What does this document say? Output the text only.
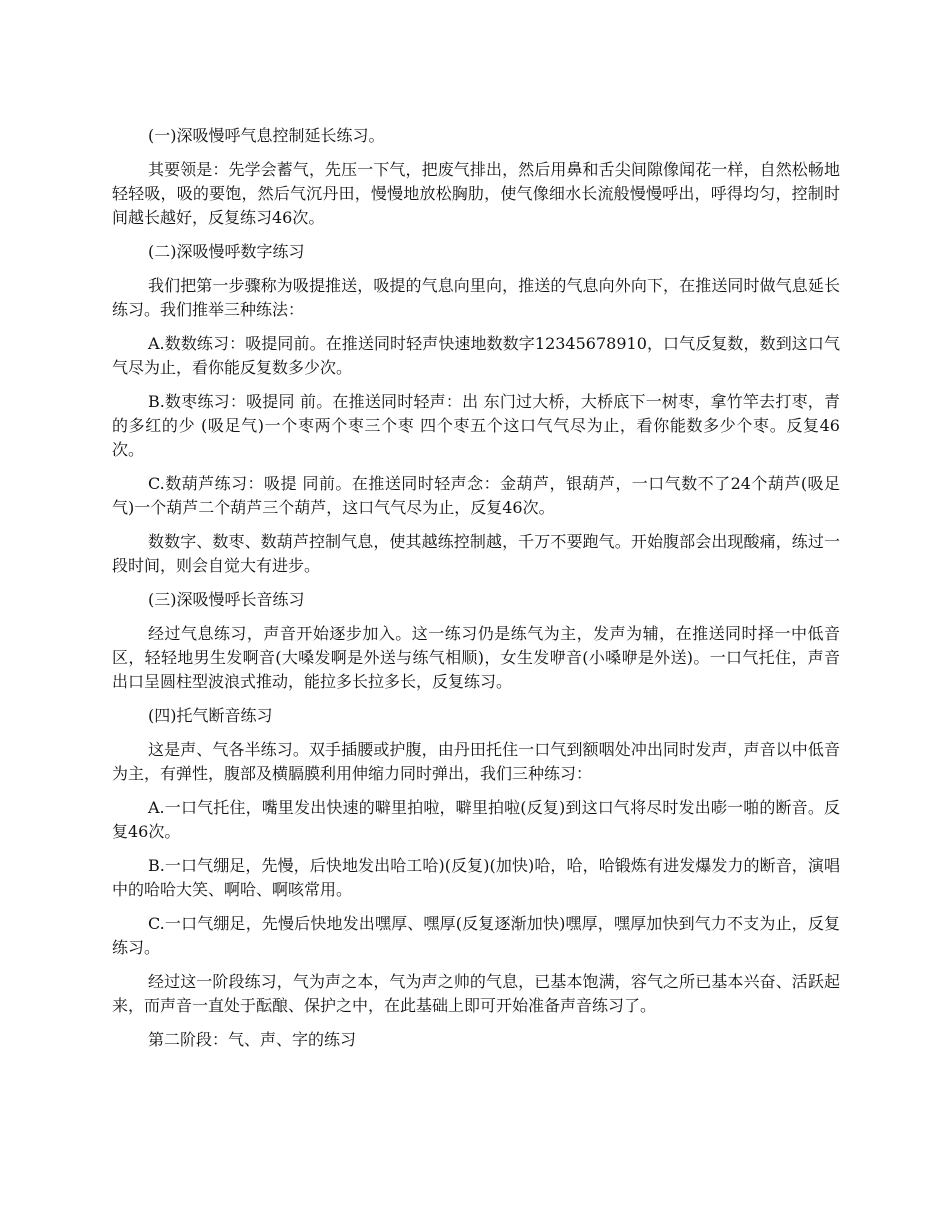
(一)深吸慢呼气息控制延长练习。

其要领是：先学会蓄气，先压一下气，把废气排出，然后用鼻和舌尖间隙像闻花一样，自然松畅地轻轻吸，吸的要饱，然后气沉丹田，慢慢地放松胸肋，使气像细水长流般慢慢呼出，呼得均匀，控制时间越长越好，反复练习46次。

(二)深吸慢呼数字练习

我们把第一步骤称为吸提推送，吸提的气息向里向，推送的气息向外向下，在推送同时做气息延长练习。我们推举三种练法：

A.数数练习：吸提同前。在推送同时轻声快速地数数字12345678910，口气反复数，数到这口气气尽为止，看你能反复数多少次。

B.数枣练习：吸提同 前。在推送同时轻声：出 东门过大桥，大桥底下一树枣，拿竹竿去打枣，青的多红的少 (吸足气)一个枣两个枣三个枣 四个枣五个这口气气尽为止，看你能数多少个枣。反复46次。

C.数葫芦练习：吸提 同前。在推送同时轻声念：金葫芦，银葫芦，一口气数不了24个葫芦(吸足气)一个葫芦二个葫芦三个葫芦，这口气气尽为止，反复46次。

数数字、数枣、数葫芦控制气息，使其越练控制越，千万不要跑气。开始腹部会出现酸痛，练过一段时间，则会自觉大有进步。

(三)深吸慢呼长音练习

经过气息练习，声音开始逐步加入。这一练习仍是练气为主，发声为辅，在推送同时择一中低音区，轻轻地男生发啊音(大嗓发啊是外送与练气相顺)，女生发咿音(小嗓咿是外送)。一口气托住，声音出口呈圆柱型波浪式推动，能拉多长拉多长，反复练习。

(四)托气断音练习

这是声、气各半练习。双手插腰或护腹，由丹田托住一口气到额咽处冲出同时发声，声音以中低音为主，有弹性，腹部及横膈膜利用伸缩力同时弹出，我们三种练习：

A.一口气托住，嘴里发出快速的噼里拍啦，噼里拍啦(反复)到这口气将尽时发出嘭一啪的断音。反复46次。

B.一口气绷足，先慢，后快地发出哈工哈)(反复)(加快)哈，哈，哈锻炼有进发爆发力的断音，演唱中的哈哈大笑、啊哈、啊咳常用。

C.一口气绷足，先慢后快地发出嘿厚、嘿厚(反复逐渐加快)嘿厚，嘿厚加快到气力不支为止，反复练习。

经过这一阶段练习，气为声之本，气为声之帅的气息，已基本饱满，容气之所已基本兴奋、活跃起来，而声音一直处于酝酿、保护之中，在此基础上即可开始准备声音练习了。

第二阶段：气、声、字的练习
